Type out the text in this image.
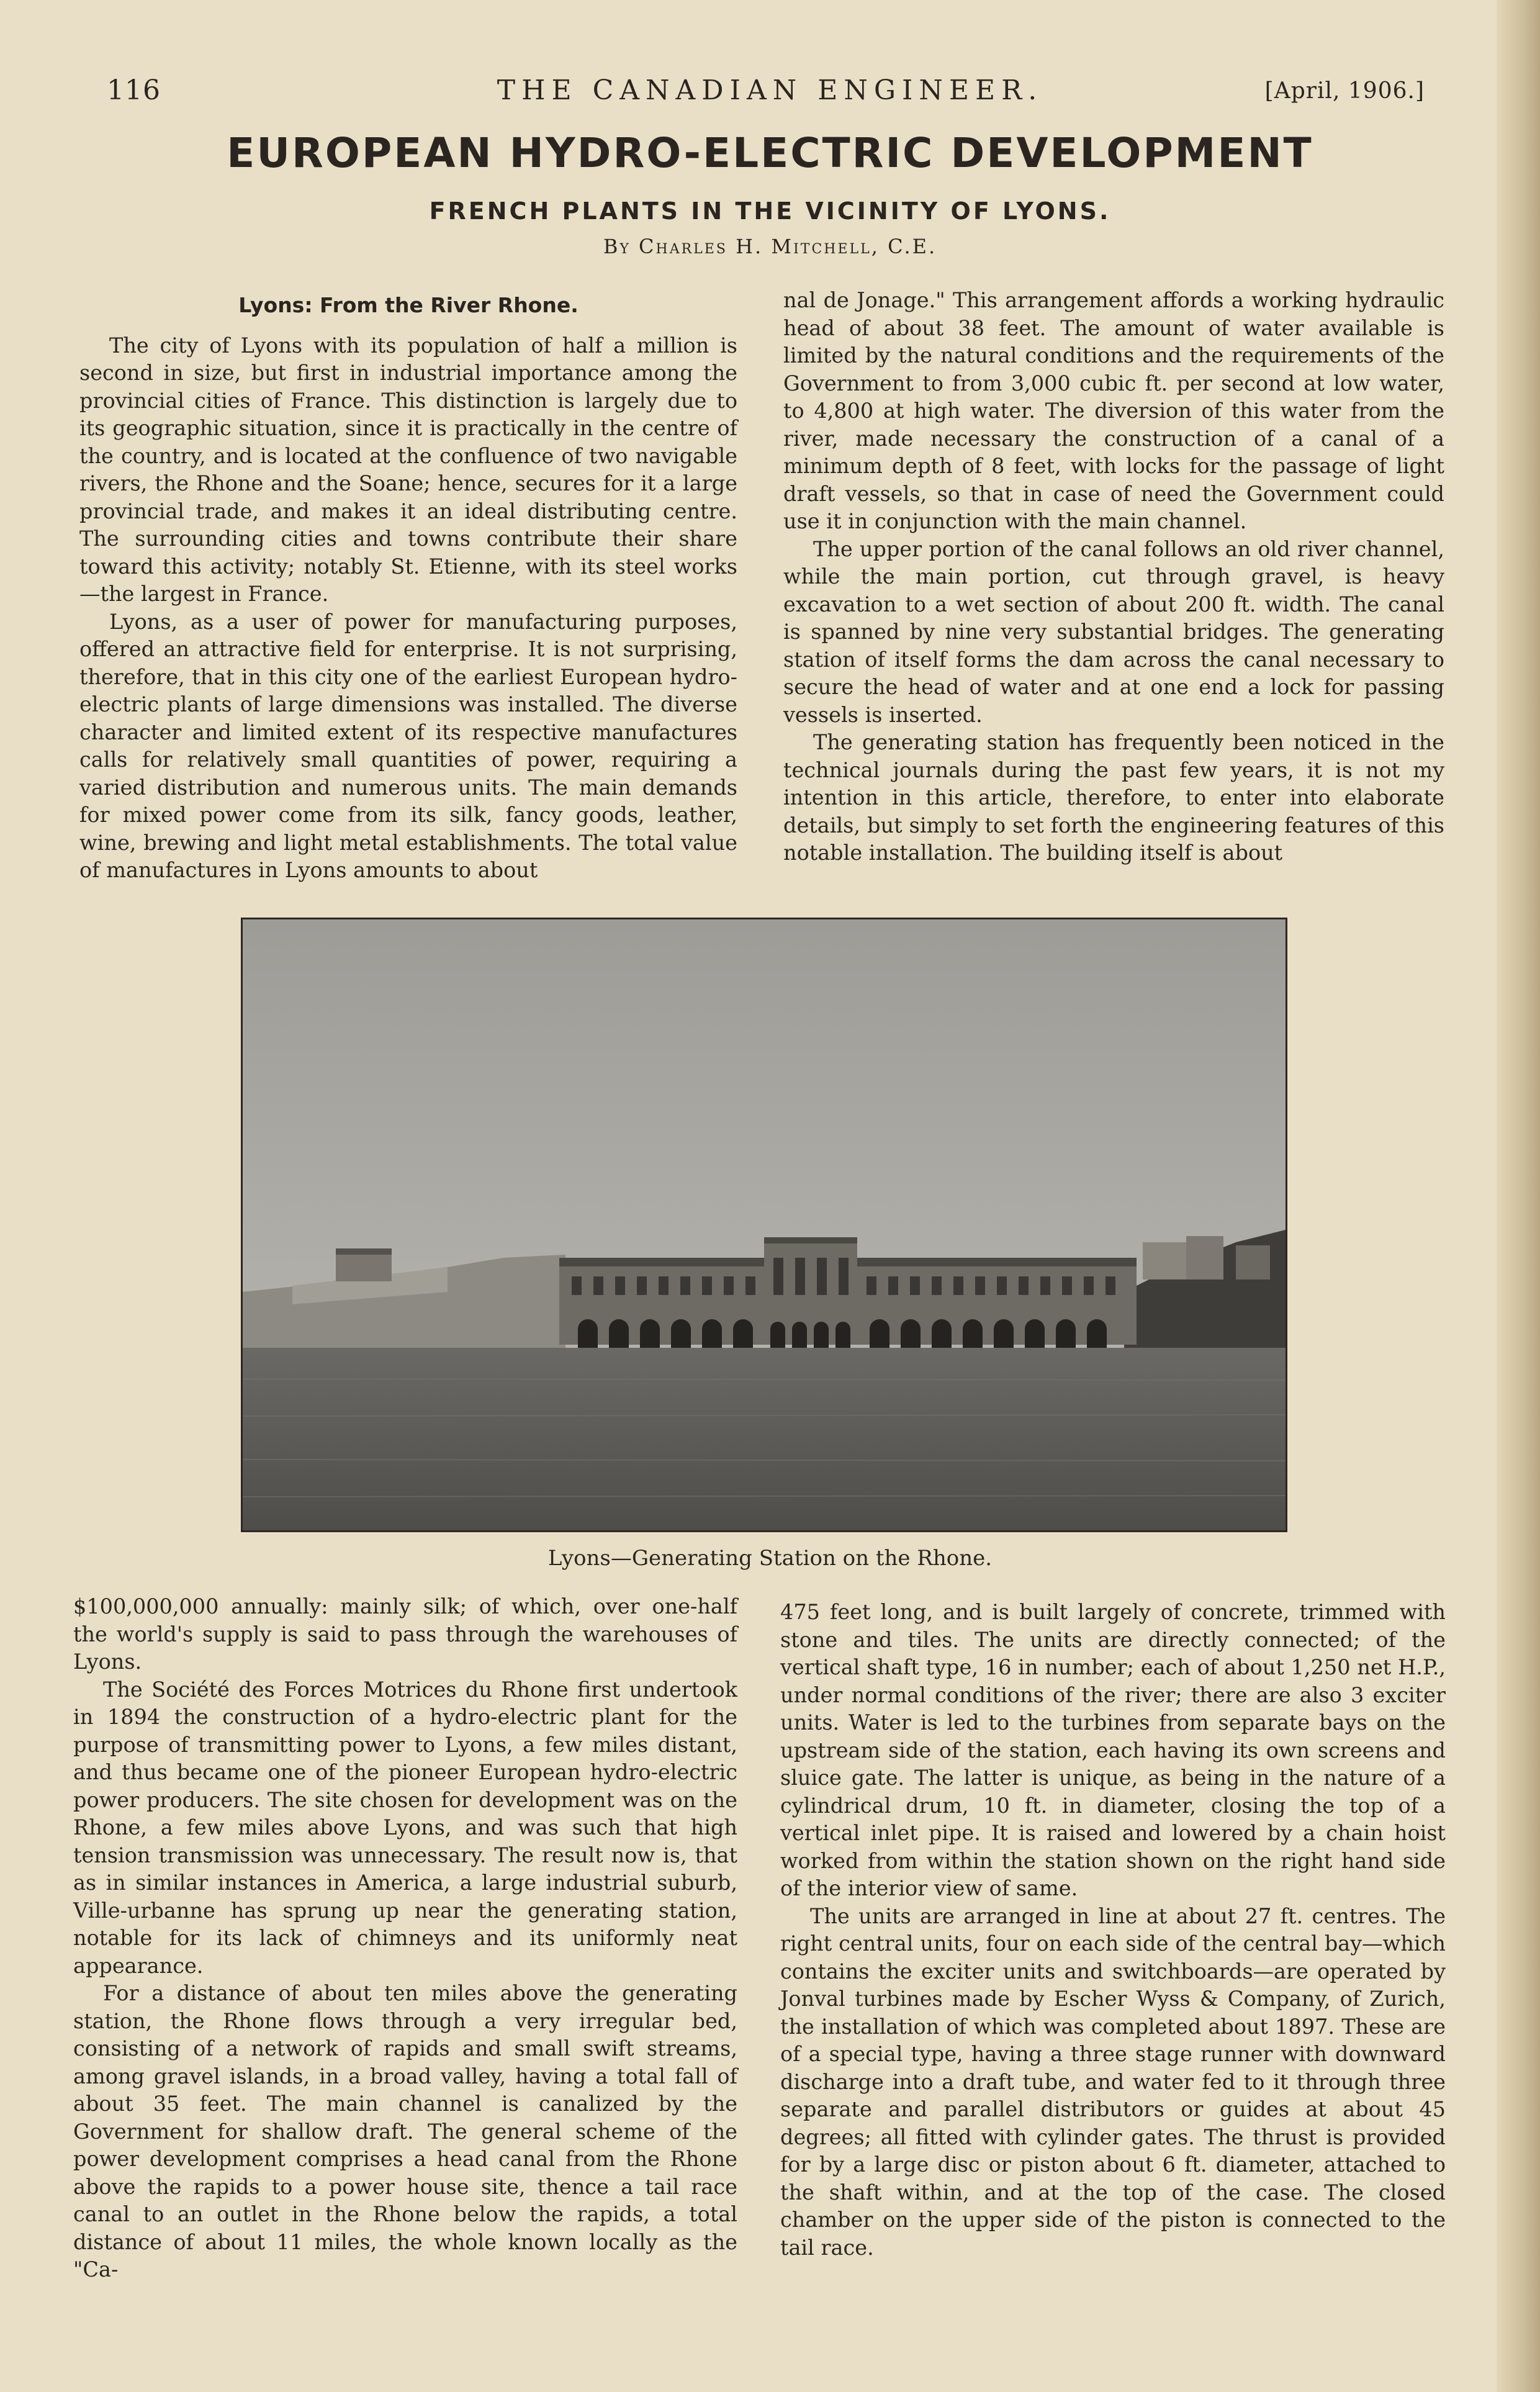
116	THE CANADIAN ENGINEER.	[April, 1906.]
EUROPEAN HYDRO-ELECTRIC DEVELOPMENT
FRENCH PLANTS IN THE VICINITY OF LYONS.
By Charles H. Mitchell, C.E.
Lyons: From the River Rhone.

The city of Lyons with its population of half a million is second in size, but first in industrial importance among the provincial cities of France. This distinction is largely due to its geographic situation, since it is practically in the centre of the country, and is located at the confluence of two navigable rivers, the Rhone and the Soane; hence, secures for it a large provincial trade, and makes it an ideal distributing centre. The surrounding cities and towns contribute their share toward this activity; notably St. Etienne, with its steel works—the largest in France.

Lyons, as a user of power for manufacturing purposes, offered an attractive field for enterprise. It is not surprising, therefore, that in this city one of the earliest European hydro-electric plants of large dimensions was installed. The diverse character and limited extent of its respective manufactures calls for relatively small quantities of power, requiring a varied distribution and numerous units. The main demands for mixed power come from its silk, fancy goods, leather, wine, brewing and light metal establishments. The total value of manufactures in Lyons amounts to about

nal de Jonage." This arrangement affords a working hydraulic head of about 38 feet. The amount of water available is limited by the natural conditions and the requirements of the Government to from 3,000 cubic ft. per second at low water, to 4,800 at high water. The diversion of this water from the river, made necessary the construction of a canal of a minimum depth of 8 feet, with locks for the passage of light draft vessels, so that in case of need the Government could use it in conjunction with the main channel.

The upper portion of the canal follows an old river channel, while the main portion, cut through gravel, is heavy excavation to a wet section of about 200 ft. width. The canal is spanned by nine very substantial bridges. The generating station of itself forms the dam across the canal necessary to secure the head of water and at one end a lock for passing vessels is inserted.

The generating station has frequently been noticed in the technical journals during the past few years, it is not my intention in this article, therefore, to enter into elaborate details, but simply to set forth the engineering features of this notable installation. The building itself is about

Lyons—Generating Station on the Rhone.

$100,000,000 annually: mainly silk; of which, over one-half the world's supply is said to pass through the warehouses of Lyons.

The Société des Forces Motrices du Rhone first undertook in 1894 the construction of a hydro-electric plant for the purpose of transmitting power to Lyons, a few miles distant, and thus became one of the pioneer European hydro-electric power producers. The site chosen for development was on the Rhone, a few miles above Lyons, and was such that high tension transmission was unnecessary. The result now is, that as in similar instances in America, a large industrial suburb, Ville-urbanne has sprung up near the generating station, notable for its lack of chimneys and its uniformly neat appearance.

For a distance of about ten miles above the generating station, the Rhone flows through a very irregular bed, consisting of a network of rapids and small swift streams, among gravel islands, in a broad valley, having a total fall of about 35 feet. The main channel is canalized by the Government for shallow draft. The general scheme of the power development comprises a head canal from the Rhone above the rapids to a power house site, thence a tail race canal to an outlet in the Rhone below the rapids, a total distance of about 11 miles, the whole known locally as the "Ca-

475 feet long, and is built largely of concrete, trimmed with stone and tiles. The units are directly connected; of the vertical shaft type, 16 in number; each of about 1,250 net H.P., under normal conditions of the river; there are also 3 exciter units. Water is led to the turbines from separate bays on the upstream side of the station, each having its own screens and sluice gate. The latter is unique, as being in the nature of a cylindrical drum, 10 ft. in diameter, closing the top of a vertical inlet pipe. It is raised and lowered by a chain hoist worked from within the station shown on the right hand side of the interior view of same.

The units are arranged in line at about 27 ft. centres. The right central units, four on each side of the central bay—which contains the exciter units and switchboards—are operated by Jonval turbines made by Escher Wyss & Company, of Zurich, the installation of which was completed about 1897. These are of a special type, having a three stage runner with downward discharge into a draft tube, and water fed to it through three separate and parallel distributors or guides at about 45 degrees; all fitted with cylinder gates. The thrust is provided for by a large disc or piston about 6 ft. diameter, attached to the shaft within, and at the top of the case. The closed chamber on the upper side of the piston is connected to the tail race.
